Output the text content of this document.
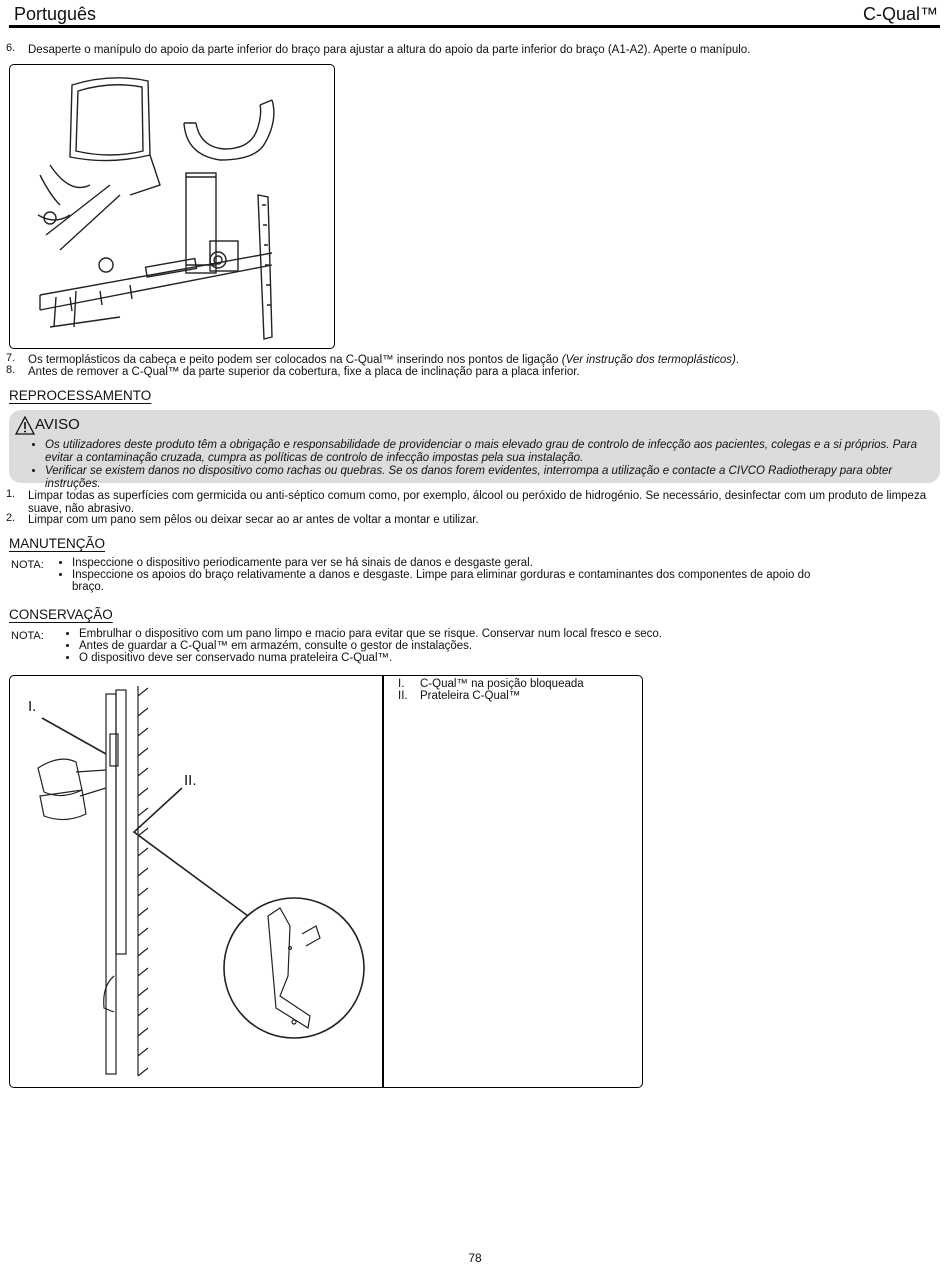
Português	C-Qual™
6. Desaperte o manípulo do apoio da parte inferior do braço para ajustar a altura do apoio da parte inferior do braço (A1-A2). Aperte o manípulo.
7. Os termoplásticos da cabeça e peito podem ser colocados na C-Qual™ inserindo nos pontos de ligação (Ver instrução dos termoplásticos).
8. Antes de remover a C-Qual™ da parte superior da cobertura, fixe a placa de inclinação para a placa inferior.
REPROCESSAMENTO
AVISO
• Os utilizadores deste produto têm a obrigação e responsabilidade de providenciar o mais elevado grau de controlo de infecção aos pacientes, colegas e a si próprios. Para evitar a contaminação cruzada, cumpra as políticas de controlo de infecção impostas pela sua instalação.
• Verificar se existem danos no dispositivo como rachas ou quebras. Se os danos forem evidentes, interrompa a utilização e contacte a CIVCO Radiotherapy para obter instruções.
1. Limpar todas as superfícies com germicida ou anti-séptico comum como, por exemplo, álcool ou peróxido de hidrogénio. Se necessário, desinfectar com um produto de limpeza suave, não abrasivo.
2. Limpar com um pano sem pêlos ou deixar secar ao ar antes de voltar a montar e utilizar.
MANUTENÇÃO
NOTA: • Inspeccione o dispositivo periodicamente para ver se há sinais de danos e desgaste geral.
• Inspeccione os apoios do braço relativamente a danos e desgaste. Limpe para eliminar gorduras e contaminantes dos componentes de apoio do braço.
CONSERVAÇÃO
NOTA:	• Embrulhar o dispositivo com um pano limpo e macio para evitar que se risque. Conservar num local fresco e seco.
• Antes de guardar a C-Qual™ em armazém, consulte o gestor de instalações.
• O dispositivo deve ser conservado numa prateleira C-Qual™.
I.
II.
I. C-Qual™ na posição bloqueada
II. Prateleira C-Qual™
78
